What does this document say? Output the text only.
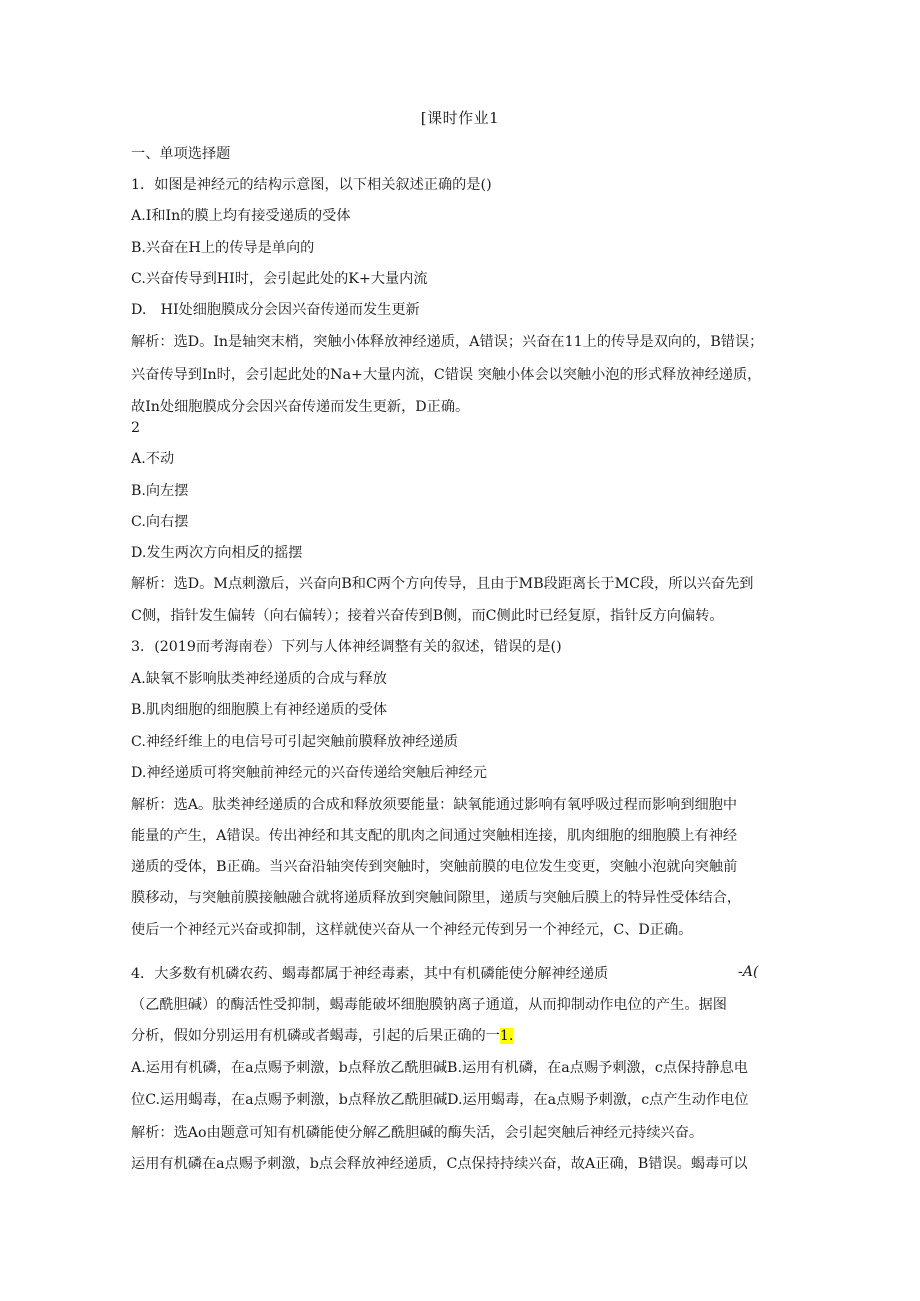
[课时作业1
一、单项选择题
1．如图是神经元的结构示意图，以下相关叙述正确的是()
A.I和In的膜上均有接受递质的受体
B.兴奋在H上的传导是单向的
C.兴奋传导到HI时，会引起此处的K+大量内流
D.　HI处细胞膜成分会因兴奋传递而发生更新
解析：选D。In是轴突末梢，突触小体释放神经递质，A错误；兴奋在11上的传导是双向的，B错误；
兴奋传导到In时，会引起此处的Na+大量内流，C错误 突触小体会以突触小泡的形式释放神经递质，
故In处细胞膜成分会因兴奋传递而发生更新，D正确。
2
A.不动
B.向左摆
C.向右摆
D.发生两次方向相反的摇摆
解析：选D。M点刺激后，兴奋向B和C两个方向传导，且由于MB段距离长于MC段，所以兴奋先到
C侧，指针发生偏转（向右偏转）；接着兴奋传到B侧，而C侧此时已经复原，指针反方向偏转。
3．(2019而考海南卷）下列与人体神经调整有关的叙述，错误的是()
A.缺氧不影响肽类神经递质的合成与释放
B.肌肉细胞的细胞膜上有神经递质的受体
C.神经纤维上的电信号可引起突触前膜释放神经递质
D.神经递质可将突触前神经元的兴奋传递给突触后神经元
解析：选A。肽类神经递质的合成和释放须要能量：缺氧能通过影响有氧呼吸过程而影响到细胞中
能量的产生，A错误。传出神经和其支配的肌肉之间通过突触相连接，肌肉细胞的细胞膜上有神经
递质的受体，B正确。当兴奋沿轴突传到突触时，突触前膜的电位发生变更，突触小泡就向突触前
膜移动，与突触前膜接触融合就将递质释放到突触间隙里，递质与突触后膜上的特异性受体结合，
使后一个神经元兴奋或抑制，这样就使兴奋从一个神经元传到另一个神经元，C、D正确。
4．大多数有机磷农药、蝎毒都属于神经毒素，其中有机磷能使分解神经递质	-A(
（乙酰胆碱）的酶活性受抑制，蝎毒能破坏细胞膜钠离子通道，从而抑制动作电位的产生。据图
分析，假如分别运用有机磷或者蝎毒，引起的后果正确的一1.
A.运用有机磷，在a点赐予刺激，b点释放乙酰胆碱B.运用有机磷，在a点赐予刺激，c点保持静息电
位C.运用蝎毒，在a点赐予刺激，b点释放乙酰胆碱D.运用蝎毒，在a点赐予刺激，c点产生动作电位
解析：选Ao由题意可知有机磷能使分解乙酰胆碱的酶失活，会引起突触后神经元持续兴奋。
运用有机磷在a点赐予刺激，b点会释放神经递质，C点保持持续兴奋，故A正确，B错误。蝎毒可以
